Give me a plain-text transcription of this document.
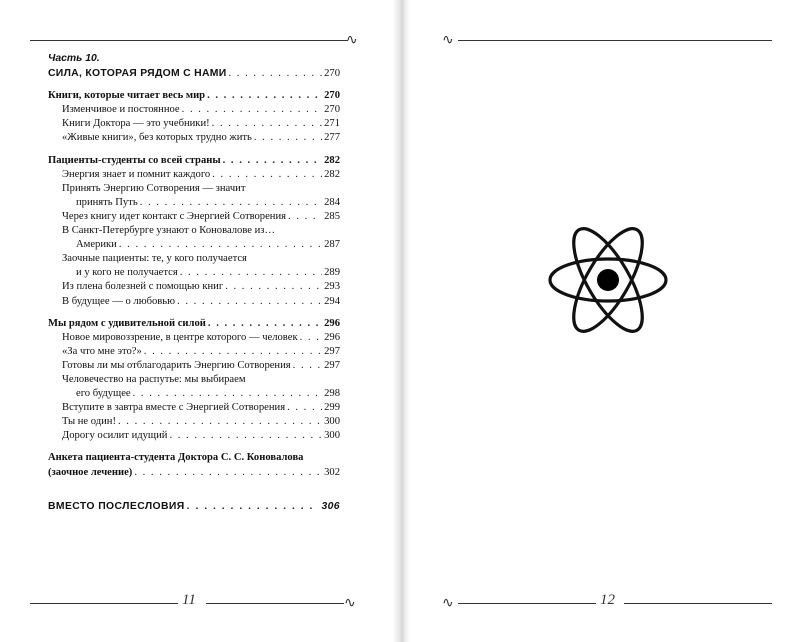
∿	∿
Часть 10.
СИЛА, КОТОРАЯ РЯДОМ С НАМИ . . .	270
Книги, которые читает весь мир . . .	270
Изменчивое и постоянное . . .	270
Книги Доктора — это учебники! . . .	271
«Живые книги», без которых трудно жить . . .	277
Пациенты-студенты со всей страны . . .	282
Энергия знает и помнит каждого . . .	282
Принять Энергию Сотворения — значит
принять Путь . . .	284
Через книгу идет контакт с Энергией Сотворения . . .	285
В Санкт-Петербурге узнают о Коновалове из…
Америки . . .	287
Заочные пациенты: те, у кого получается
и у кого не получается . . .	289
Из плена болезней с помощью книг . . .	293
В будущее — о любовью . . .	294
Мы рядом с удивительной силой . . .	296
Новое мировоззрение, в центре которого — человек . . .	296
«За что мне это?» . . .	297
Готовы ли мы отблагодарить Энергию Сотворения . . .	297
Человечество на распутье: мы выбираем
его будущее . . .	298
Вступите в завтра вместе с Энергией Сотворения . . .	299
Ты не один! . . .	300
Дорогу осилит идущий . . .	300
Анкета пациента-студента Доктора С. С. Коновалова
(заочное лечение) . . .	302
ВМЕСТО ПОСЛЕСЛОВИЯ . . .	306
11	∿	∿	12
